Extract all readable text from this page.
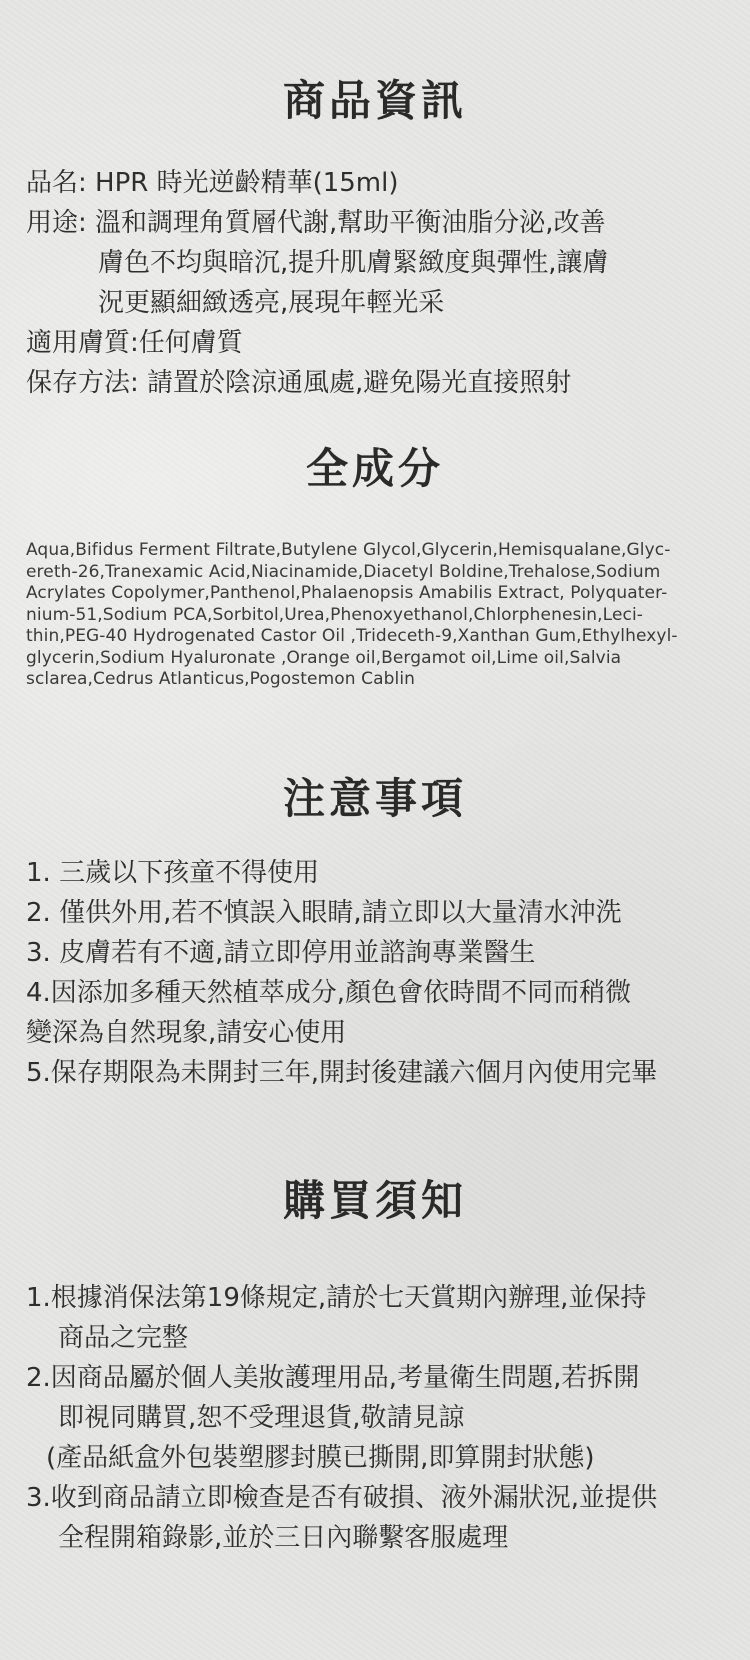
商品資訊
品名: HPR 時光逆齡精華(15ml)
用途: 溫和調理角質層代謝,幫助平衡油脂分泌,改善
膚色不均與暗沉,提升肌膚緊緻度與彈性,讓膚
況更顯細緻透亮,展現年輕光采
適用膚質:任何膚質
保存方法: 請置於陰涼通風處,避免陽光直接照射
全成分
Aqua,Bifidus Ferment Filtrate,Butylene Glycol,Glycerin,Hemisqualane,Glyc-
ereth-26,Tranexamic Acid,Niacinamide,Diacetyl Boldine,Trehalose,Sodium
Acrylates Copolymer,Panthenol,Phalaenopsis Amabilis Extract, Polyquater-
nium-51,Sodium PCA,Sorbitol,Urea,Phenoxyethanol,Chlorphenesin,Leci-
thin,PEG-40 Hydrogenated Castor Oil ,Trideceth-9,Xanthan Gum,Ethylhexyl-
glycerin,Sodium Hyaluronate ,Orange oil,Bergamot oil,Lime oil,Salvia
sclarea,Cedrus Atlanticus,Pogostemon Cablin
注意事項
1. 三歲以下孩童不得使用
2. 僅供外用,若不慎誤入眼睛,請立即以大量清水沖洗
3. 皮膚若有不適,請立即停用並諮詢專業醫生
4.因添加多種天然植萃成分,顏色會依時間不同而稍微
變深為自然現象,請安心使用
5.保存期限為未開封三年,開封後建議六個月內使用完畢
購買須知
1.根據消保法第19條規定,請於七天賞期內辦理,並保持
商品之完整
2.因商品屬於個人美妝護理用品,考量衛生問題,若拆開
即視同購買,恕不受理退貨,敬請見諒
(產品紙盒外包裝塑膠封膜已撕開,即算開封狀態)
3.收到商品請立即檢查是否有破損、液外漏狀況,並提供
全程開箱錄影,並於三日內聯繫客服處理
